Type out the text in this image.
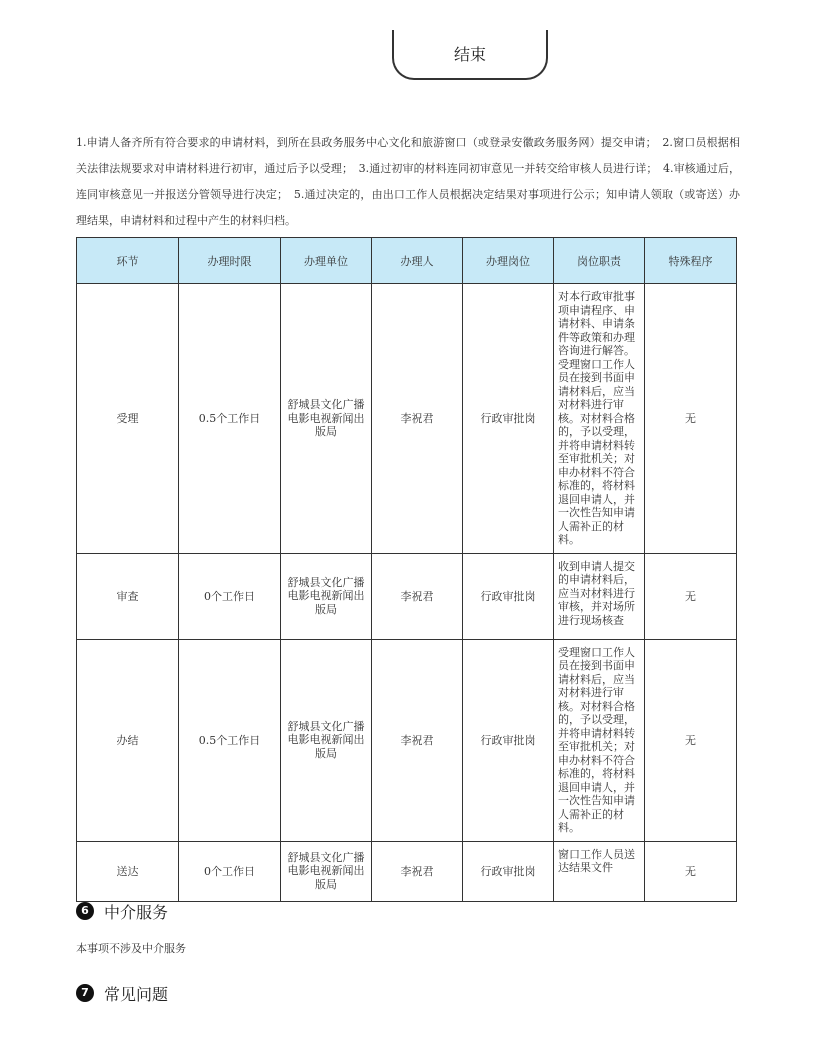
结束

1.申请人备齐所有符合要求的申请材料，到所在县政务服务中心文化和旅游窗口（或登录安徽政务服务网）提交申请；　2.窗口员根据相关法律法规要求对申请材料进行初审，通过后予以受理；　3.通过初审的材料连同初审意见一并转交给审核人员进行详；　4.审核通过后，连同审核意见一并报送分管领导进行决定；　5.通过决定的，由出口工作人员根据决定结果对事项进行公示；知申请人领取（或寄送）办理结果，申请材料和过程中产生的材料归档。

环节	办理时限	办理单位	办理人	办理岗位	岗位职责	特殊程序
受理	0.5个工作日	舒城县文化广播电影电视新闻出版局	李祝君	行政审批岗	对本行政审批事项申请程序、申请材料、申请条件等政策和办理咨询进行解答。受理窗口工作人员在接到书面申请材料后，应当对材料进行审核。对材料合格的，予以受理，并将申请材料转至审批机关；对申办材料不符合标准的，将材料退回申请人，并一次性告知申请人需补正的材料。	无
审查	0个工作日	舒城县文化广播电影电视新闻出版局	李祝君	行政审批岗	收到申请人提交的申请材料后，应当对材料进行审核，并对场所进行现场核查	无
办结	0.5个工作日	舒城县文化广播电影电视新闻出版局	李祝君	行政审批岗	受理窗口工作人员在接到书面申请材料后，应当对材料进行审核。对材料合格的，予以受理，并将申请材料转至审批机关；对申办材料不符合标准的，将材料退回申请人，并一次性告知申请人需补正的材料。	无
送达	0个工作日	舒城县文化广播电影电视新闻出版局	李祝君	行政审批岗	窗口工作人员送达结果文件	无
6 中介服务
本事项不涉及中介服务
7 常见问题
